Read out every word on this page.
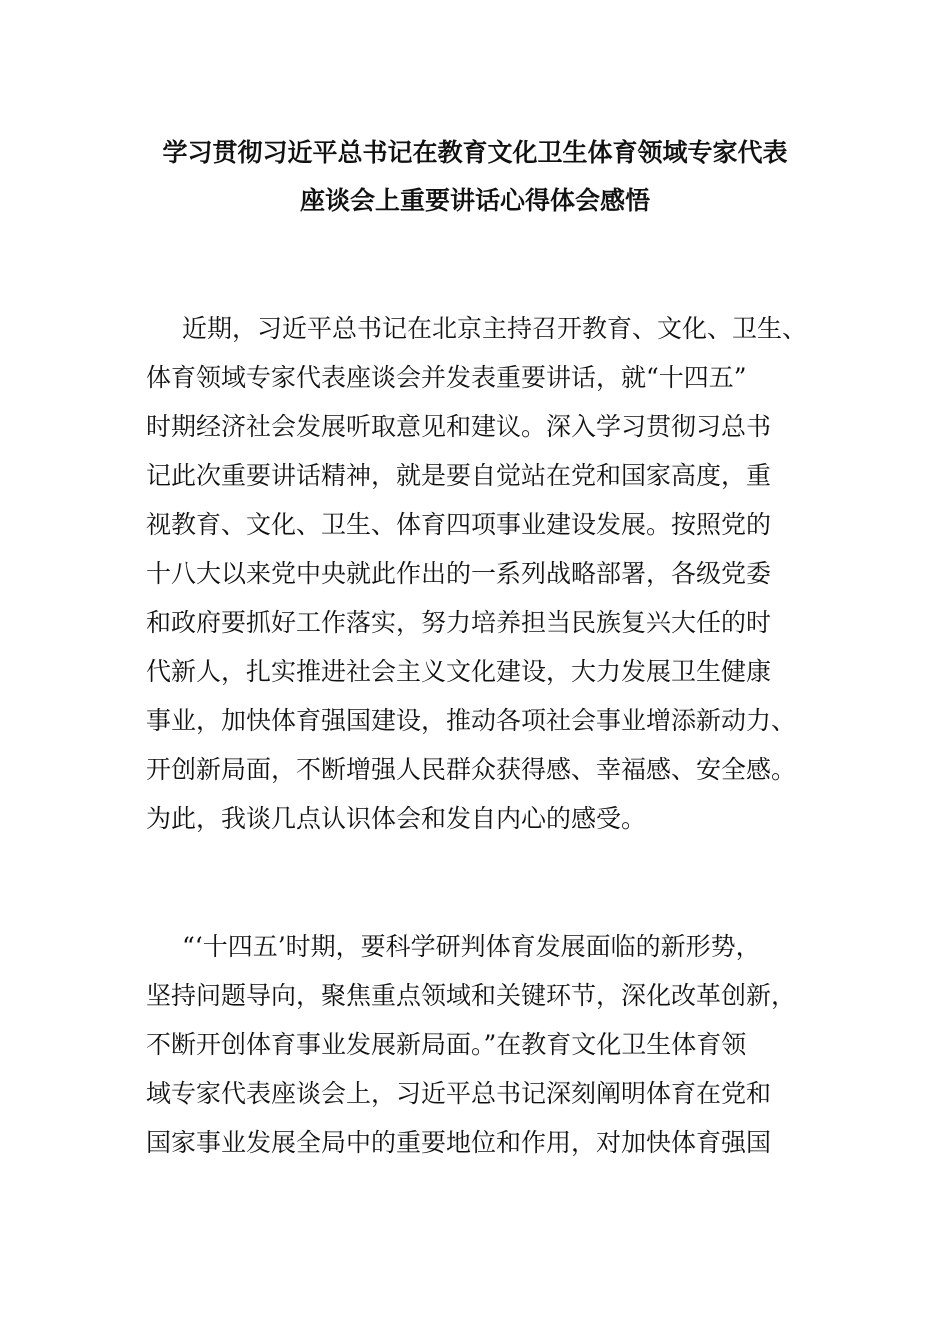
学习贯彻习近平总书记在教育文化卫生体育领域专家代表
座谈会上重要讲话心得体会感悟
近期，习近平总书记在北京主持召开教育、文化、卫生、
体育领域专家代表座谈会并发表重要讲话，就“十四五”
时期经济社会发展听取意见和建议。深入学习贯彻习总书
记此次重要讲话精神，就是要自觉站在党和国家高度，重
视教育、文化、卫生、体育四项事业建设发展。按照党的
十八大以来党中央就此作出的一系列战略部署，各级党委
和政府要抓好工作落实，努力培养担当民族复兴大任的时
代新人，扎实推进社会主义文化建设，大力发展卫生健康
事业，加快体育强国建设，推动各项社会事业增添新动力、
开创新局面，不断增强人民群众获得感、幸福感、安全感。
为此，我谈几点认识体会和发自内心的感受。
“‘十四五’时期，要科学研判体育发展面临的新形势，
坚持问题导向，聚焦重点领域和关键环节，深化改革创新，
不断开创体育事业发展新局面。”在教育文化卫生体育领
域专家代表座谈会上，习近平总书记深刻阐明体育在党和
国家事业发展全局中的重要地位和作用，对加快体育强国
